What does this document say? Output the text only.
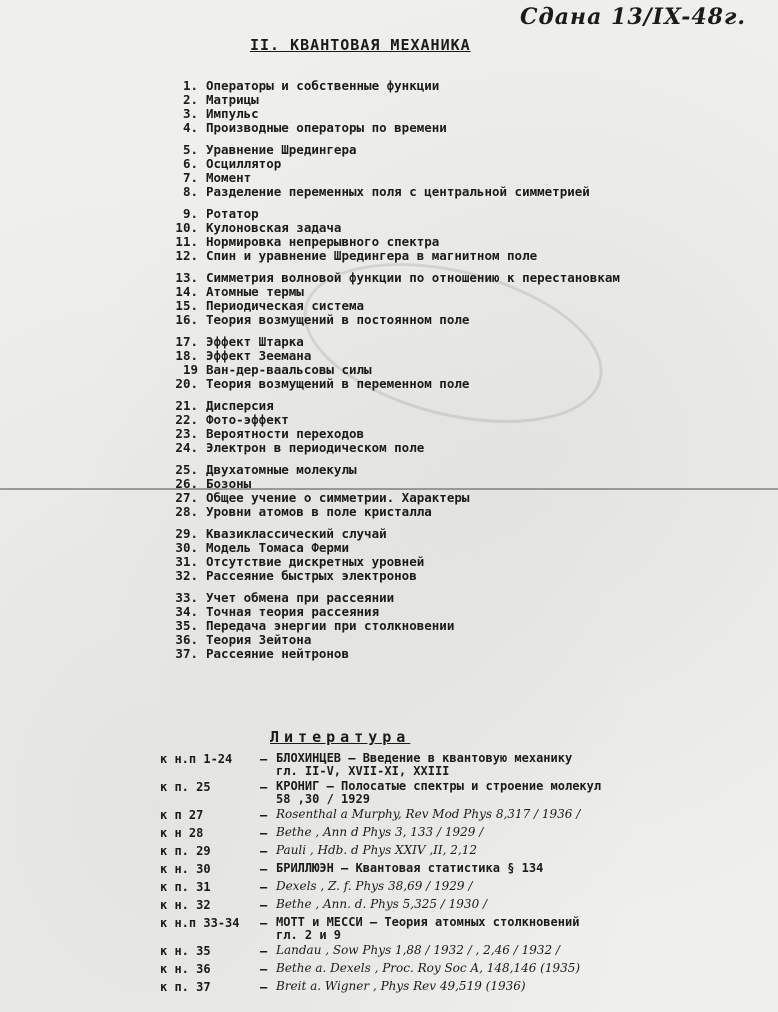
Сдана 13/IX-48г.
II. КВАНТОВАЯ МЕХАНИКА
1. Операторы и собственные функции
2. Матрицы
3. Импульс
4. Производные операторы по времени
5. Уравнение Шредингера
6. Осциллятор
7. Момент
8. Разделение переменных поля с центральной симметрией
9. Ротатор
10. Кулоновская задача
11. Нормировка непрерывного спектра
12. Спин и уравнение Шредингера в магнитном поле
13. Симметрия волновой функции по отношению к перестановкам
14. Атомные термы
15. Периодическая система
16. Теория возмущений в постоянном поле
17. Эффект Штарка
18. Эффект Зеемана
19 Ван-дер-ваальсовы силы
20. Теория возмущений в переменном поле
21. Дисперсия
22. Фото-эффект
23. Вероятности переходов
24. Электрон в периодическом поле
25. Двухатомные молекулы
26. Бозоны
27. Общее учение о симметрии. Характеры
28. Уровни атомов в поле кристалла
29. Квазиклассический случай
30. Модель Томаса Ферми
31. Отсутствие дискретных уровней
32. Рассеяние быстрых электронов
33. Учет обмена при рассеянии
34. Точная теория рассеяния
35. Передача энергии при столкновении
36. Теория Зейтона
37. Рассеяние нейтронов
Литература
к н.п 1-24	– БЛОХИНЦЕВ – Введение в квантовую механику
гл. II-V, XVII-XI, XXIII
к п. 25	– КРОНИГ – Полосатые спектры и строение молекул
58 ,30 / 1929
к п 27	– Rosenthal a Murphy, Rev Mod Phys 8,317 / 1936 /
к н 28	– Bethe , Ann d Phys 3, 133 / 1929 /
к п. 29	– Pauli , Hdb. d Phys XXIV ,II, 2,12
к н. 30	– БРИЛЛЮЭН – Квантовая статистика § 134
к п. 31	– Dexels , Z. f. Phys 38,69 / 1929 /
к н. 32	– Bethe , Ann. d. Phys 5,325 / 1930 /
к н.п 33-34	– МОТТ и МЕССИ – Теория атомных столкновений
гл. 2 и 9
к н. 35	– Landau , Sow Phys 1,88 / 1932 / , 2,46 / 1932 /
к н. 36	– Bethe a. Dexels , Proc. Roy Soc A, 148,146 (1935)
к п. 37	– Breit a. Wigner , Phys Rev 49,519 (1936)
